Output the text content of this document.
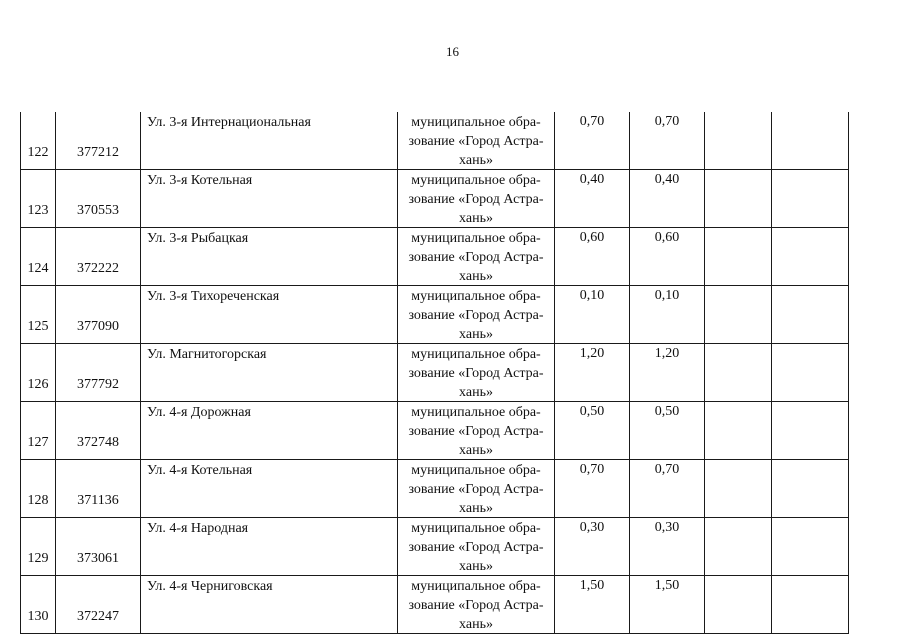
16
122	377212	Ул. 3-я Интернациональная	муниципальное обра-
зование «Город Астра-
хань»	0,70	0,70		

123	370553	Ул. 3-я Котельная	муниципальное обра-
зование «Город Астра-
хань»	0,40	0,40		

124	372222	Ул. 3-я Рыбацкая	муниципальное обра-
зование «Город Астра-
хань»	0,60	0,60		

125	377090	Ул. 3-я Тихореченская	муниципальное обра-
зование «Город Астра-
хань»	0,10	0,10		

126	377792	Ул. Магнитогорская	муниципальное обра-
зование «Город Астра-
хань»	1,20	1,20		

127	372748	Ул. 4-я Дорожная	муниципальное обра-
зование «Город Астра-
хань»	0,50	0,50		

128	371136	Ул. 4-я Котельная	муниципальное обра-
зование «Город Астра-
хань»	0,70	0,70		

129	373061	Ул. 4-я Народная	муниципальное обра-
зование «Город Астра-
хань»	0,30	0,30		

130	372247	Ул. 4-я Черниговская	муниципальное обра-
зование «Город Астра-
хань»	1,50	1,50		
